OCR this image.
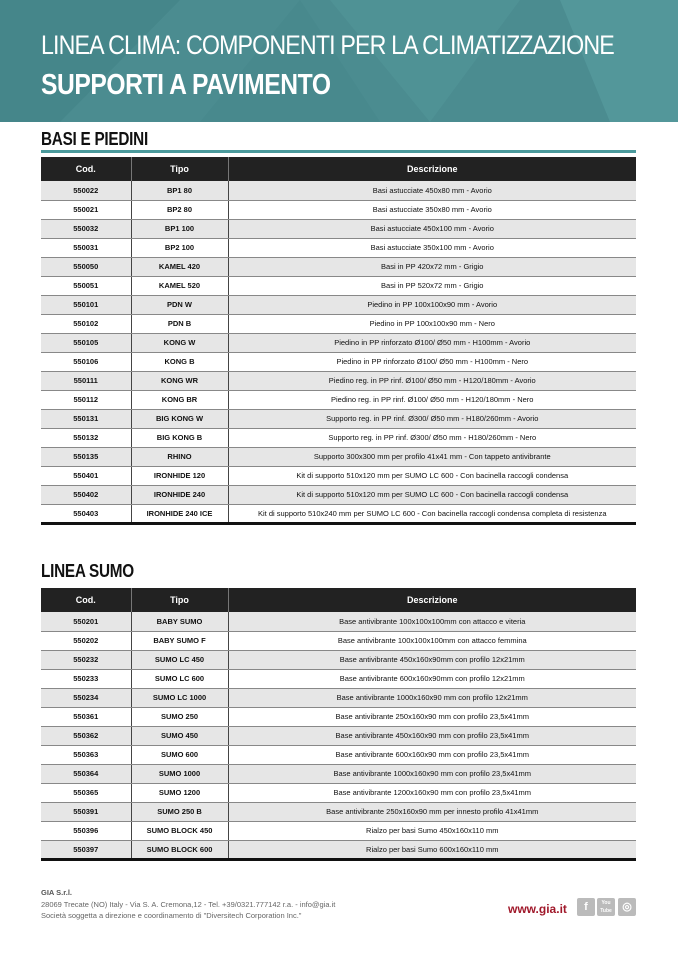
LINEA CLIMA: COMPONENTI PER LA CLIMATIZZAZIONE
SUPPORTI A PAVIMENTO
BASI E PIEDINI
Cod.	Tipo	Descrizione
550022	BP1 80	Basi astucciate 450x80 mm - Avorio
550021	BP2 80	Basi astucciate 350x80 mm - Avorio
550032	BP1 100	Basi astucciate 450x100 mm - Avorio
550031	BP2 100	Basi astucciate 350x100 mm - Avorio
550050	KAMEL 420	Basi in PP 420x72 mm - Grigio
550051	KAMEL 520	Basi in PP 520x72 mm - Grigio
550101	PDN W	Piedino in PP 100x100x90 mm - Avorio
550102	PDN B	Piedino in PP 100x100x90 mm - Nero
550105	KONG W	Piedino in PP rinforzato Ø100/ Ø50 mm - H100mm - Avorio
550106	KONG B	Piedino in PP rinforzato Ø100/ Ø50 mm - H100mm - Nero
550111	KONG WR	Piedino reg. in PP rinf. Ø100/ Ø50 mm - H120/180mm - Avorio
550112	KONG BR	Piedino reg. in PP rinf. Ø100/ Ø50 mm - H120/180mm - Nero
550131	BIG KONG W	Supporto reg. in PP rinf. Ø300/ Ø50 mm - H180/260mm - Avorio
550132	BIG KONG B	Supporto reg. in PP rinf. Ø300/ Ø50 mm - H180/260mm - Nero
550135	RHINO	Supporto 300x300 mm per profilo 41x41 mm - Con tappeto antivibrante
550401	IRONHIDE 120	Kit di supporto 510x120 mm per SUMO LC 600 - Con bacinella raccogli condensa
550402	IRONHIDE 240	Kit di supporto 510x120 mm per SUMO LC 600 - Con bacinella raccogli condensa
550403	IRONHIDE 240 ICE	Kit di supporto 510x240 mm per SUMO LC 600 - Con bacinella raccogli condensa completa di resistenza
LINEA SUMO
Cod.	Tipo	Descrizione
550201	BABY SUMO	Base antivibrante 100x100x100mm con attacco e viteria
550202	BABY SUMO F	Base antivibrante 100x100x100mm con attacco femmina
550232	SUMO LC 450	Base antivibrante 450x160x90mm con profilo 12x21mm
550233	SUMO LC 600	Base antivibrante 600x160x90mm con profilo 12x21mm
550234	SUMO LC 1000	Base antivibrante 1000x160x90 mm con profilo 12x21mm
550361	SUMO 250	Base antivibrante 250x160x90 mm con profilo 23,5x41mm
550362	SUMO 450	Base antivibrante 450x160x90 mm con profilo 23,5x41mm
550363	SUMO 600	Base antivibrante 600x160x90 mm con profilo 23,5x41mm
550364	SUMO 1000	Base antivibrante 1000x160x90 mm con profilo 23,5x41mm
550365	SUMO 1200	Base antivibrante 1200x160x90 mm con profilo 23,5x41mm
550391	SUMO 250 B	Base antivibrante 250x160x90 mm per innesto profilo 41x41mm
550396	SUMO BLOCK 450	Rialzo per basi Sumo 450x160x110 mm
550397	SUMO BLOCK 600	Rialzo per basi Sumo 600x160x110 mm
GIA S.r.l.
28069 Trecate (NO) Italy - Via S. A. Cremona,12 - Tel. +39/0321.777142 r.a. - info@gia.it
Società soggetta a direzione e coordinamento di "Diversitech Corporation Inc."	www.gia.it	f	You Tube ◎
